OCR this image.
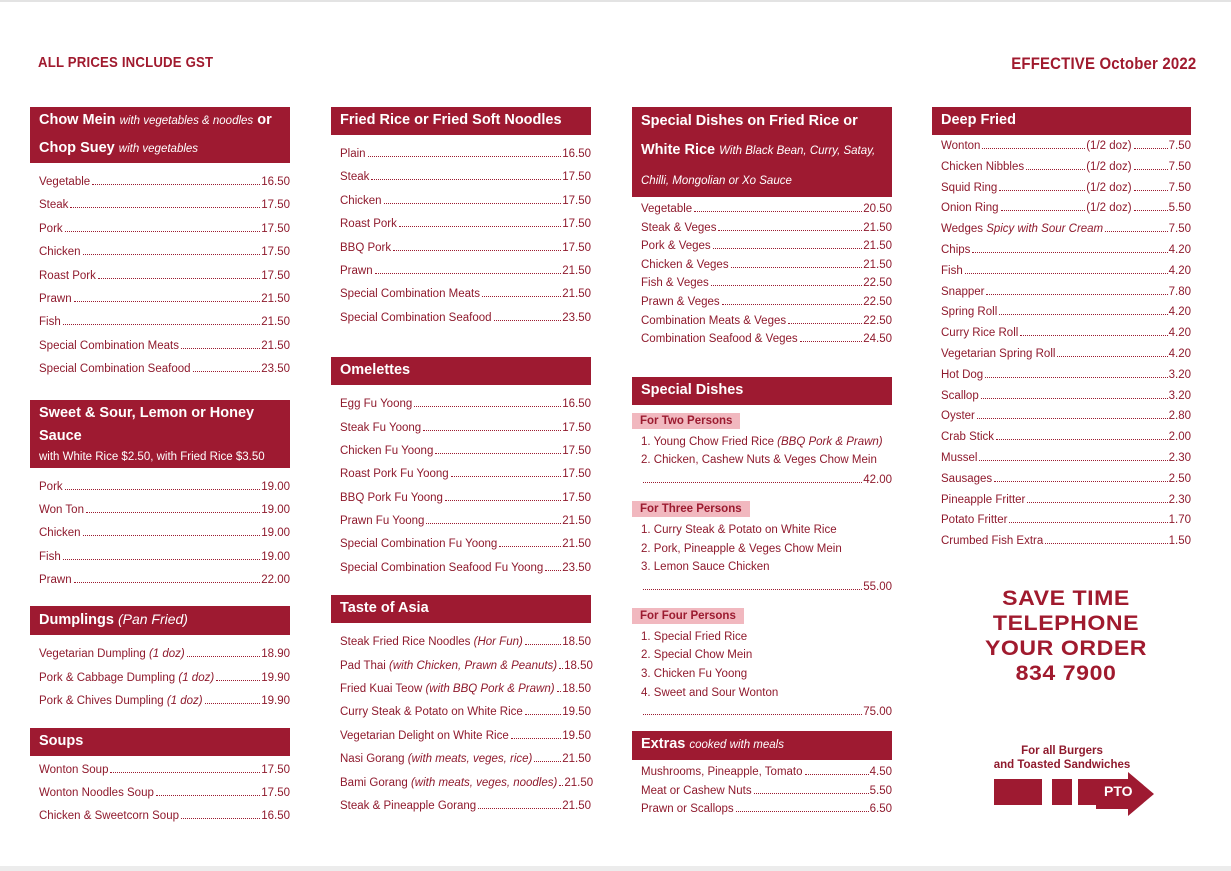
ALL PRICES INCLUDE GST	EFFECTIVE October 2022
Chow Mein with vegetables & noodles or
Chop Suey with vegetables
Vegetable	16.50
Steak	17.50
Pork	17.50
Chicken	17.50
Roast Pork	17.50
Prawn	21.50
Fish	21.50
Special Combination Meats	21.50
Special Combination Seafood	23.50
Sweet & Sour, Lemon or Honey Sauce
with White Rice $2.50, with Fried Rice $3.50
Pork	19.00
Won Ton	19.00
Chicken	19.00
Fish	19.00
Prawn	22.00
Dumplings (Pan Fried)
Vegetarian Dumpling (1 doz)	18.90
Pork & Cabbage Dumpling (1 doz)	19.90
Pork & Chives Dumpling (1 doz)	19.90
Soups
Wonton Soup	17.50
Wonton Noodles Soup	17.50
Chicken & Sweetcorn Soup	16.50
Fried Rice or Fried Soft Noodles
Plain	16.50
Steak	17.50
Chicken	17.50
Roast Pork	17.50
BBQ Pork	17.50
Prawn	21.50
Special Combination Meats	21.50
Special Combination Seafood	23.50
Omelettes
Egg Fu Yoong	16.50
Steak Fu Yoong	17.50
Chicken Fu Yoong	17.50
Roast Pork Fu Yoong	17.50
BBQ Pork Fu Yoong	17.50
Prawn Fu Yoong	21.50
Special Combination Fu Yoong	21.50
Special Combination Seafood Fu Yoong 23.50
Taste of Asia
Steak Fried Rice Noodles (Hor Fun)	18.50
Pad Thai (with Chicken, Prawn & Peanuts) 18.50
Fried Kuai Teow (with BBQ Pork & Prawn) 18.50
Curry Steak & Potato on White Rice	19.50
Vegetarian Delight on White Rice	19.50
Nasi Gorang (with meats, veges, rice)	21.50
Bami Gorang (with meats, veges, noodles) 21.50
Steak & Pineapple Gorang	21.50
Special Dishes on Fried Rice or
White Rice With Black Bean, Curry, Satay,
Chilli, Mongolian or Xo Sauce
Vegetable	20.50
Steak & Veges	21.50
Pork & Veges	21.50
Chicken & Veges	21.50
Fish & Veges	22.50
Prawn & Veges	22.50
Combination Meats & Veges	22.50
Combination Seafood & Veges	24.50
Special Dishes
For Two Persons
1. Young Chow Fried Rice (BBQ Pork & Prawn)
2. Chicken, Cashew Nuts & Veges Chow Mein
42.00
For Three Persons
1. Curry Steak & Potato on White Rice
2. Pork, Pineapple & Veges Chow Mein
3. Lemon Sauce Chicken
55.00
For Four Persons
1. Special Fried Rice
2. Special Chow Mein
3. Chicken Fu Yoong
4. Sweet and Sour Wonton
75.00
Extras cooked with meals
Mushrooms, Pineapple, Tomato	4.50
Meat or Cashew Nuts	5.50
Prawn or Scallops	6.50
Deep Fried
Wonton	(1/2 doz)	7.50
Chicken Nibbles	(1/2 doz)	7.50
Squid Ring	(1/2 doz)	7.50
Onion Ring	(1/2 doz)	5.50
Wedges Spicy with Sour Cream	7.50
Chips	4.20
Fish	4.20
Snapper	7.80
Spring Roll	4.20
Curry Rice Roll	4.20
Vegetarian Spring Roll	4.20
Hot Dog	3.20
Scallop	3.20
Oyster	2.80
Crab Stick	2.00
Mussel	2.30
Sausages	2.50
Pineapple Fritter	2.30
Potato Fritter	1.70
Crumbed Fish Extra	1.50
SAVE TIME
TELEPHONE
YOUR ORDER
834 7900
For all Burgers
and Toasted Sandwiches
PTO
